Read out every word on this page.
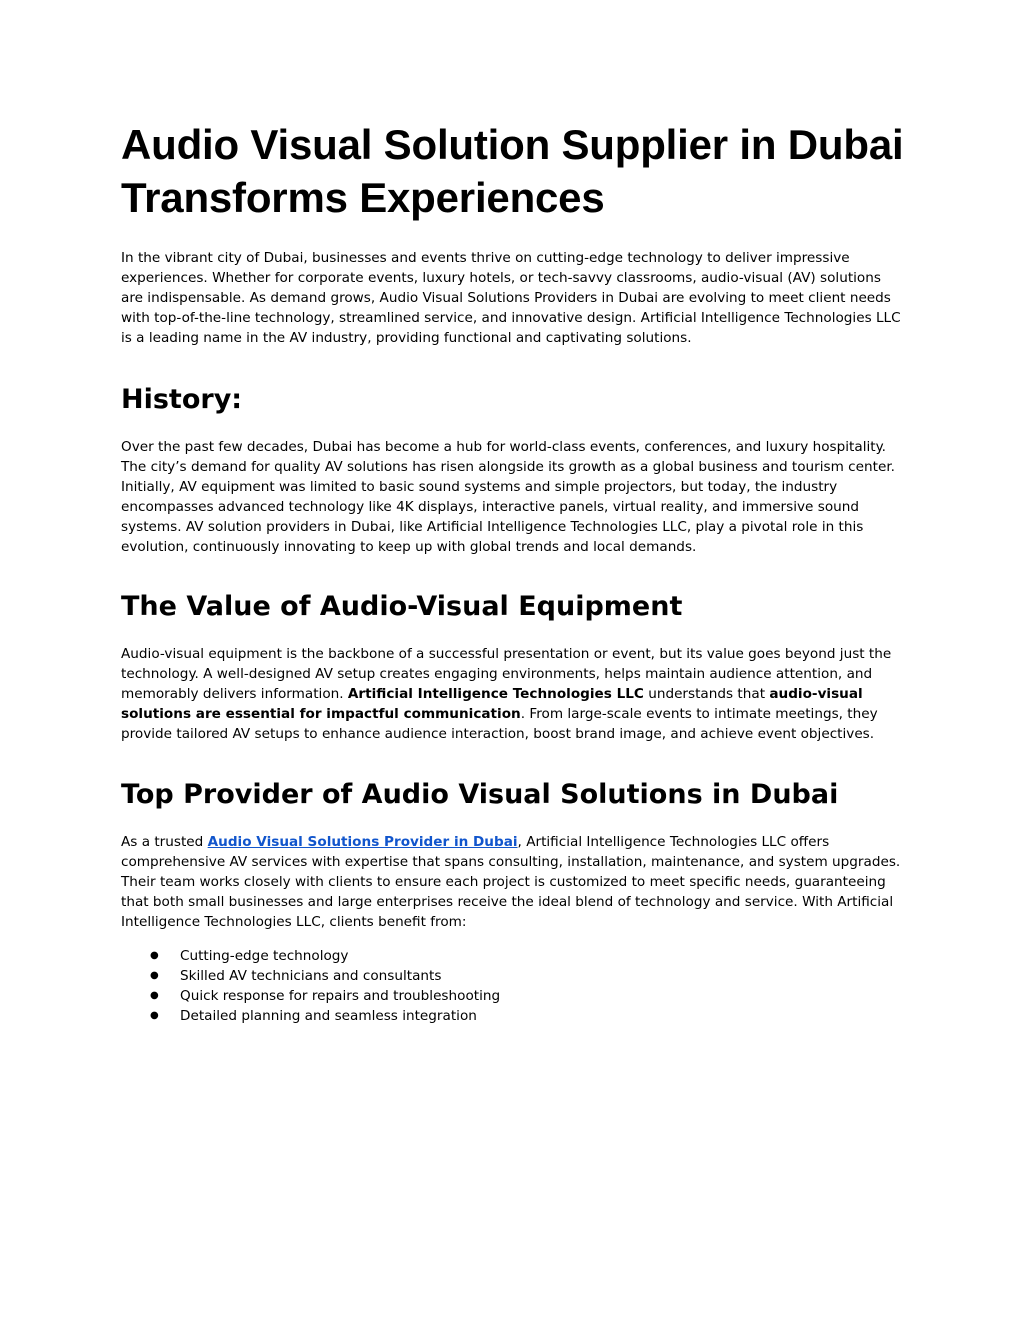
Audio Visual Solution Supplier in Dubai Transforms Experiences

In the vibrant city of Dubai, businesses and events thrive on cutting-edge technology to deliver impressive experiences. Whether for corporate events, luxury hotels, or tech-savvy classrooms, audio-visual (AV) solutions are indispensable. As demand grows, Audio Visual Solutions Providers in Dubai are evolving to meet client needs with top-of-the-line technology, streamlined service, and innovative design. Artificial Intelligence Technologies LLC is a leading name in the AV industry, providing functional and captivating solutions.

History:

Over the past few decades, Dubai has become a hub for world-class events, conferences, and luxury hospitality. The city’s demand for quality AV solutions has risen alongside its growth as a global business and tourism center. Initially, AV equipment was limited to basic sound systems and simple projectors, but today, the industry encompasses advanced technology like 4K displays, interactive panels, virtual reality, and immersive sound systems. AV solution providers in Dubai, like Artificial Intelligence Technologies LLC, play a pivotal role in this evolution, continuously innovating to keep up with global trends and local demands.

The Value of Audio-Visual Equipment

Audio-visual equipment is the backbone of a successful presentation or event, but its value goes beyond just the technology. A well-designed AV setup creates engaging environments, helps maintain audience attention, and memorably delivers information. Artificial Intelligence Technologies LLC understands that audio-visual solutions are essential for impactful communication. From large-scale events to intimate meetings, they provide tailored AV setups to enhance audience interaction, boost brand image, and achieve event objectives.

Top Provider of Audio Visual Solutions in Dubai

As a trusted Audio Visual Solutions Provider in Dubai, Artificial Intelligence Technologies LLC offers comprehensive AV services with expertise that spans consulting, installation, maintenance, and system upgrades. Their team works closely with clients to ensure each project is customized to meet specific needs, guaranteeing that both small businesses and large enterprises receive the ideal blend of technology and service. With Artificial Intelligence Technologies LLC, clients benefit from:

● Cutting-edge technology
● Skilled AV technicians and consultants
● Quick response for repairs and troubleshooting
● Detailed planning and seamless integration
